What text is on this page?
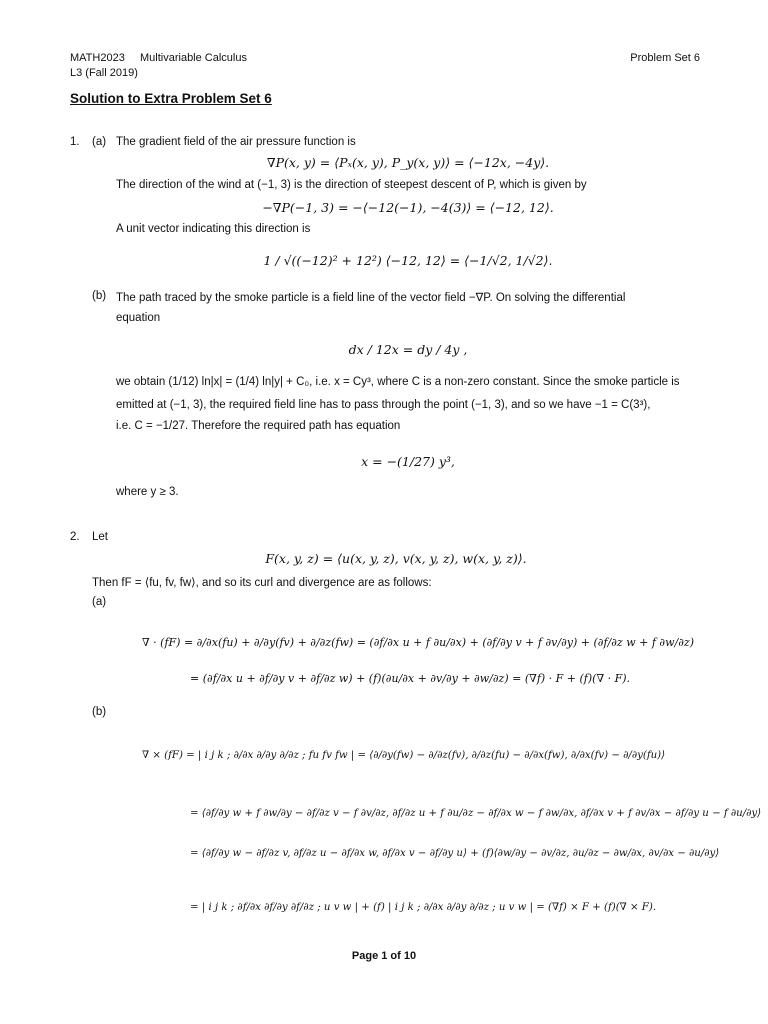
MATH2023 Multivariable Calculus
L3 (Fall 2019)
Problem Set 6
Solution to Extra Problem Set 6
1. (a) The gradient field of the air pressure function is
∇P(x, y) = ⟨Pₓ(x, y), P_y(x, y)⟩ = ⟨−12x, −4y⟩.
The direction of the wind at (−1, 3) is the direction of steepest descent of P, which is given by
−∇P(−1, 3) = −⟨−12(−1), −4(3)⟩ = ⟨−12, 12⟩.
A unit vector indicating this direction is
1 / √((−12)² + 12²) ⟨−12, 12⟩ = ⟨−1/√2, 1/√2⟩.
(b) The path traced by the smoke particle is a field line of the vector field −∇P. On solving the differential
equation
dx / 12x = dy / 4y ,
we obtain (1/12) ln|x| = (1/4) ln|y| + C₀, i.e. x = Cy³, where C is a non-zero constant. Since the smoke particle is
emitted at (−1, 3), the required field line has to pass through the point (−1, 3), and so we have −1 = C(3³),
i.e. C = −1/27. Therefore the required path has equation
x = −(1/27) y³,
where y ≥ 3.
2. Let
F(x, y, z) = ⟨u(x, y, z), v(x, y, z), w(x, y, z)⟩.
Then fF = ⟨fu, fv, fw⟩, and so its curl and divergence are as follows:
(a)
∇ · (fF) = ∂/∂x(fu) + ∂/∂y(fv) + ∂/∂z(fw) = (∂f/∂x u + f ∂u/∂x) + (∂f/∂y v + f ∂v/∂y) + (∂f/∂z w + f ∂w/∂z)
= (∂f/∂x u + ∂f/∂y v + ∂f/∂z w) + (f)(∂u/∂x + ∂v/∂y + ∂w/∂z) = (∇f) · F + (f)(∇ · F).
(b)
∇ × (fF) = | i j k ; ∂/∂x ∂/∂y ∂/∂z ; fu fv fw | = ⟨∂/∂y(fw) − ∂/∂z(fv), ∂/∂z(fu) − ∂/∂x(fw), ∂/∂x(fv) − ∂/∂y(fu)⟩
= ⟨∂f/∂y w + f ∂w/∂y − ∂f/∂z v − f ∂v/∂z, ∂f/∂z u + f ∂u/∂z − ∂f/∂x w − f ∂w/∂x, ∂f/∂x v + f ∂v/∂x − ∂f/∂y u − f ∂u/∂y⟩
= ⟨∂f/∂y w − ∂f/∂z v, ∂f/∂z u − ∂f/∂x w, ∂f/∂x v − ∂f/∂y u⟩ + (f)⟨∂w/∂y − ∂v/∂z, ∂u/∂z − ∂w/∂x, ∂v/∂x − ∂u/∂y⟩
= | i j k ; ∂f/∂x ∂f/∂y ∂f/∂z ; u v w | + (f) | i j k ; ∂/∂x ∂/∂y ∂/∂z ; u v w | = (∇f) × F + (f)(∇ × F).
Page 1 of 10
